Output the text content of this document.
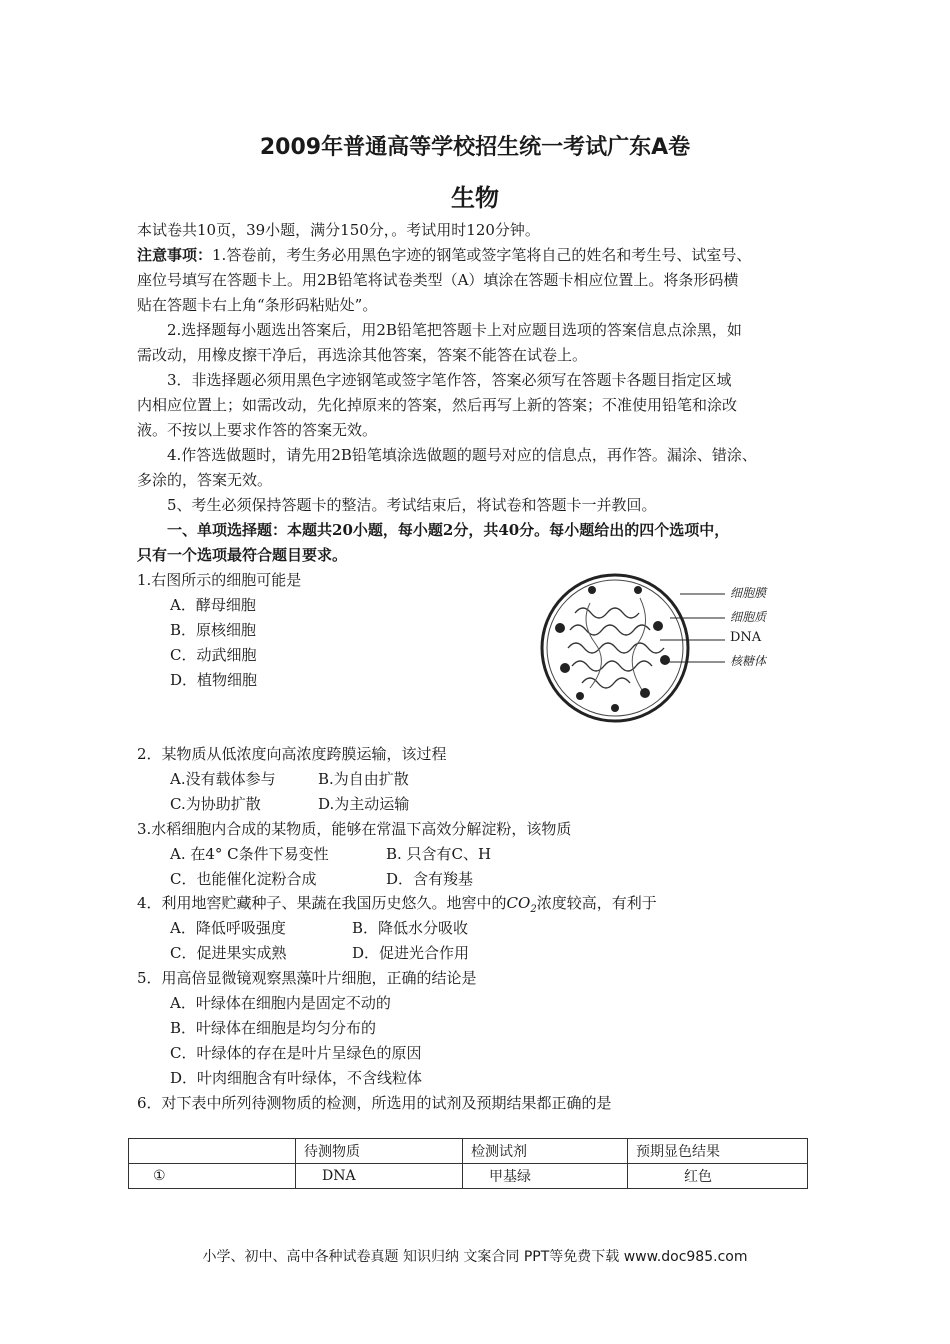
2009年普通高等学校招生统一考试广东A卷
生物
本试卷共10页，39小题，满分150分，。考试用时120分钟。
注意事项：1.答卷前，考生务必用黑色字迹的钢笔或签字笔将自己的姓名和考生号、试室号、
座位号填写在答题卡上。用2B铅笔将试卷类型（A）填涂在答题卡相应位置上。将条形码横
贴在答题卡右上角“条形码粘贴处”。
2.选择题每小题选出答案后，用2B铅笔把答题卡上对应题目选项的答案信息点涂黑，如
需改动，用橡皮擦干净后，再选涂其他答案，答案不能答在试卷上。
3．非选择题必须用黑色字迹钢笔或签字笔作答，答案必须写在答题卡各题目指定区域
内相应位置上；如需改动，先化掉原来的答案，然后再写上新的答案；不准使用铅笔和涂改
液。不按以上要求作答的答案无效。
4.作答选做题时，请先用2B铅笔填涂选做题的题号对应的信息点，再作答。漏涂、错涂、
多涂的，答案无效。
5、考生必须保持答题卡的整洁。考试结束后，将试卷和答题卡一并教回。
一、单项选择题：本题共20小题，每小题2分，共40分。每小题给出的四个选项中，
只有一个选项最符合题目要求。
1.右图所示的细胞可能是
A．酵母细胞
B．原核细胞
C．动武细胞
D．植物细胞
细胞膜
细胞质
DNA
核糖体
2．某物质从低浓度向高浓度跨膜运输，该过程
A.没有载体参与	B.为自由扩散
C.为协助扩散	D.为主动运输
3.水稻细胞内合成的某物质，能够在常温下高效分解淀粉，该物质
A. 在4° C条件下易变性	B. 只含有C、H
C．也能催化淀粉合成	D．含有羧基
4．利用地窖贮藏种子、果蔬在我国历史悠久。地窖中的$CO_2$浓度较高，有利于
A．降低呼吸强度	B．降低水分吸收
C．促进果实成熟	D．促进光合作用
5．用高倍显微镜观察黑藻叶片细胞，正确的结论是
A．叶绿体在细胞内是固定不动的
B．叶绿体在细胞是均匀分布的
C．叶绿体的存在是叶片呈绿色的原因
D．叶肉细胞含有叶绿体，不含线粒体
6．对下表中所列待测物质的检测，所选用的试剂及预期结果都正确的是
	待测物质	检测试剂	预期显色结果
①	DNA	甲基绿	红色
小学、初中、高中各种试卷真题 知识归纳 文案合同 PPT等免费下载 www.doc985.com
